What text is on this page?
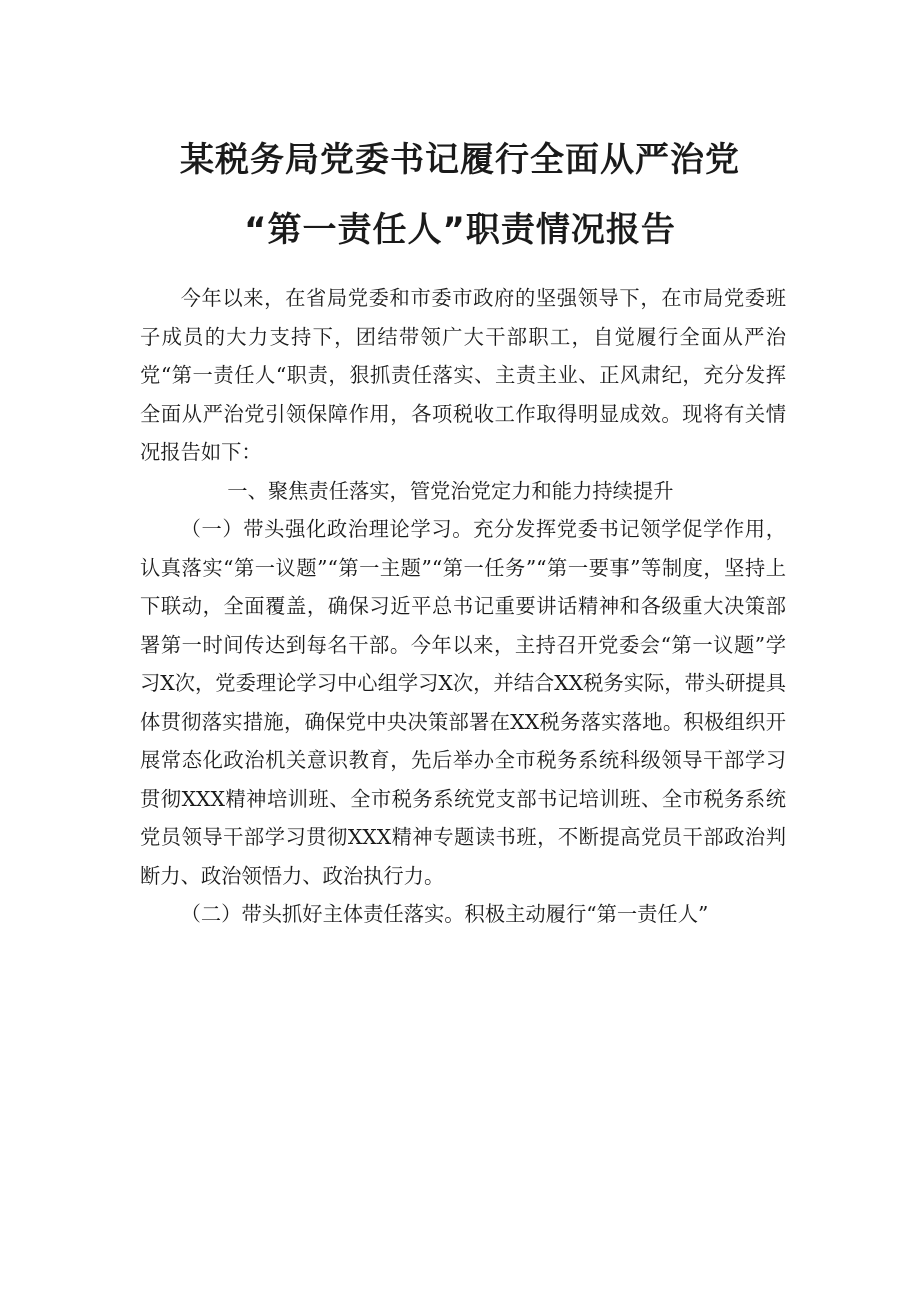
某税务局党委书记履行全面从严治党
“第一责任人”职责情况报告

今年以来，在省局党委和市委市政府的坚强领导下，在市局党委班子成员的大力支持下，团结带领广大干部职工，自觉履行全面从严治党“第一责任人“职责，狠抓责任落实、主责主业、正风肃纪，充分发挥全面从严治党引领保障作用，各项税收工作取得明显成效。现将有关情况报告如下：

一、聚焦责任落实，管党治党定力和能力持续提升

（一）带头强化政治理论学习。充分发挥党委书记领学促学作用，认真落实“第一议题”“第一主题”“第一任务”“第一要事”等制度，坚持上下联动，全面覆盖，确保习近平总书记重要讲话精神和各级重大决策部署第一时间传达到每名干部。今年以来，主持召开党委会“第一议题”学习X次，党委理论学习中心组学习X次，并结合XX税务实际，带头研提具体贯彻落实措施，确保党中央决策部署在XX税务落实落地。积极组织开展常态化政治机关意识教育，先后举办全市税务系统科级领导干部学习贯彻XXX精神培训班、全市税务系统党支部书记培训班、全市税务系统党员领导干部学习贯彻XXX精神专题读书班，不断提高党员干部政治判断力、政治领悟力、政治执行力。

（二）带头抓好主体责任落实。积极主动履行“第一责任人”
